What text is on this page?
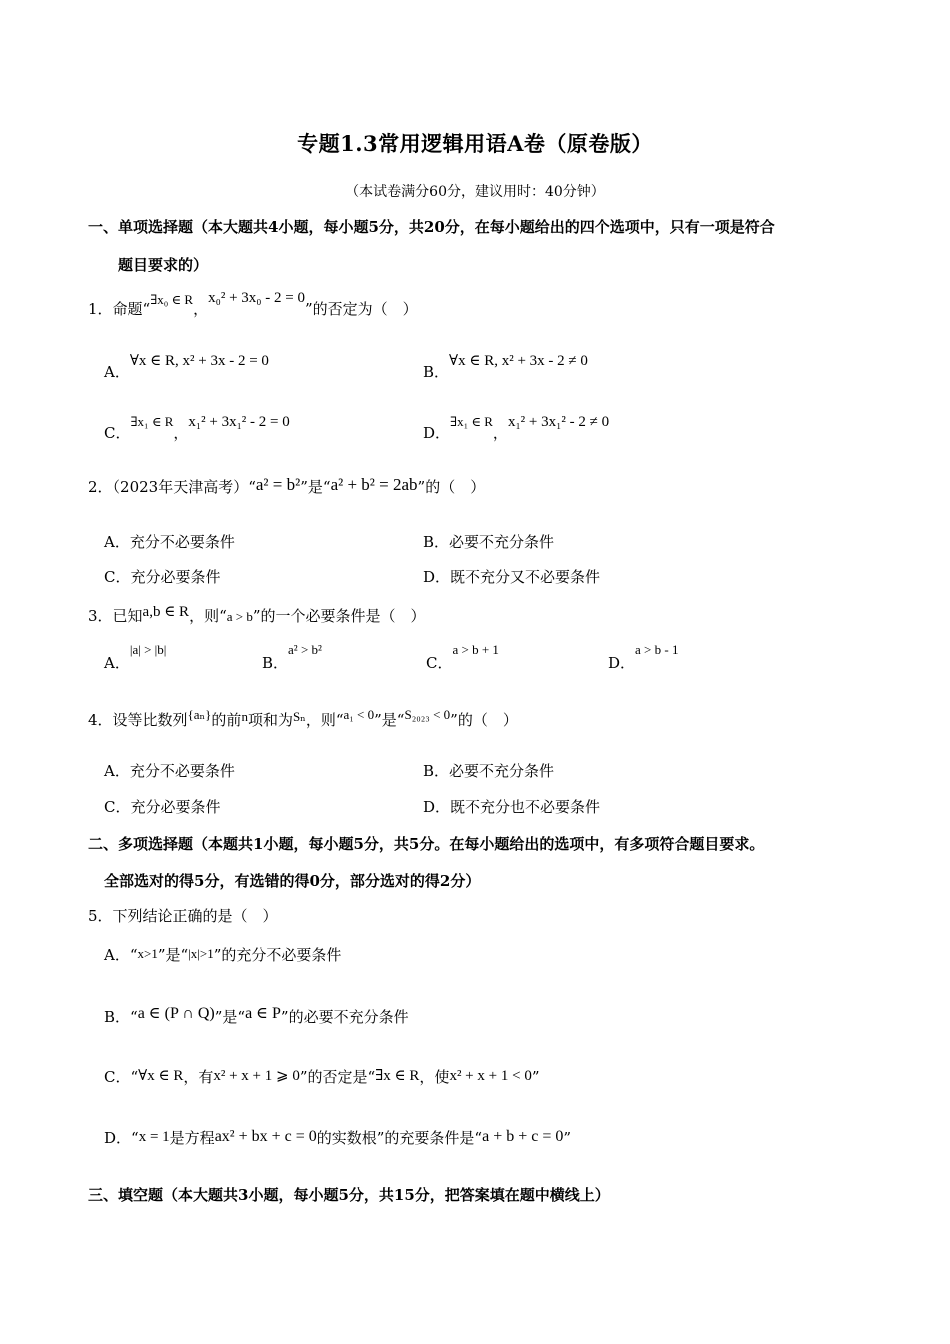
专题1.3常用逻辑用语A卷（原卷版）
（本试卷满分60分，建议用时：40分钟）
一、单项选择题（本大题共4小题，每小题5分，共20分，在每小题给出的四个选项中，只有一项是符合
题目要求的）
1．命题“$^{\exists x_0 \in R}$，x₀² + 3x₀ - 2 = 0”的否定为（　）
A．∀x ∈ R, x² + 3x - 2 = 0
B．∀x ∈ R, x² + 3x - 2 ≠ 0
C．$^{\exists x_1 \in R}$，x₁² + 3x₁² - 2 = 0
D．$^{\exists x_1 \in R}$，x₁² + 3x₁² - 2 ≠ 0
2．（2023年天津高考）“a² = b²”是“a² + b² = 2ab”的（　）
A．充分不必要条件	B．必要不充分条件
C．充分必要条件	D．既不充分又不必要条件
3．已知a,b ∈ R，则“a > b”的一个必要条件是（　）
A．$^{|a| > |b|}$
B．$^{a^2 > b^2}$
C．$^{a > b + 1}$
D．$^{a > b - 1}$
4．设等比数列$^{\{a_n\}}$的前$^n$项和为$^{S_n}$，则“$^{a_1 < 0}$”是“$^{S_{2023} < 0}$”的（　）
A．充分不必要条件	B．必要不充分条件
C．充分必要条件	D．既不充分也不必要条件
二、多项选择题（本题共1小题，每小题5分，共5分。在每小题给出的选项中，有多项符合题目要求。
全部选对的得5分，有选错的得0分，部分选对的得2分）
5．下列结论正确的是（　）
A．“x>1”是“|x|>1”的充分不必要条件
B．“a ∈ (P ∩ Q)”是“a ∈ P”的必要不充分条件
C．“∀x ∈ R，有x² + x + 1 ⩾ 0”的否定是“∃x ∈ R，使x² + x + 1 < 0”
D．“x = 1是方程ax² + bx + c = 0的实数根”的充要条件是“a + b + c = 0”
三、填空题（本大题共3小题，每小题5分，共15分，把答案填在题中横线上）
